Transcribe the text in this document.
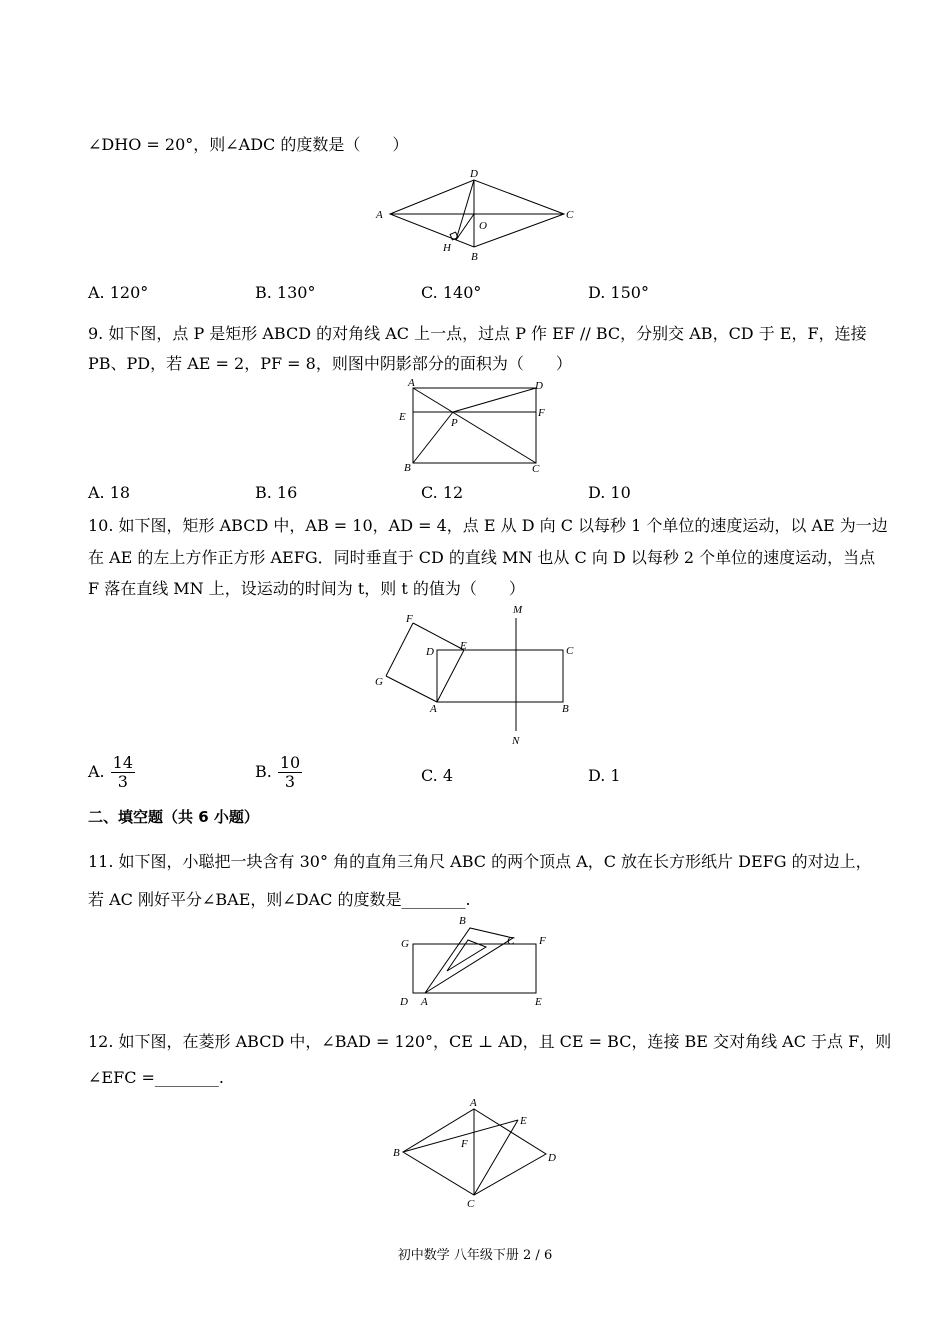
∠DHO = 20°，则∠ADC 的度数是（　　）
A
D
C
B
H
O
A. 120°	B. 130°	C. 140°	D. 150°
9. 如下图，点 P 是矩形 ABCD 的对角线 AC 上一点，过点 P 作 EF // BC，分别交 AB，CD 于 E，F，连接
PB、PD，若 AE = 2，PF = 8，则图中阴影部分的面积为（　　）
A	D
E	F
P
B	C
A. 18	B. 16	C. 12	D. 10
10. 如下图，矩形 ABCD 中，AB = 10，AD = 4，点 E 从 D 向 C 以每秒 1 个单位的速度运动，以 AE 为一边
在 AE 的左上方作正方形 AEFG．同时垂直于 CD 的直线 MN 也从 C 向 D 以每秒 2 个单位的速度运动，当点
F 落在直线 MN 上，设运动的时间为 t，则 t 的值为（　　）
F
E
D	C
G
A	B
M
N
A. $\frac{14}{3}$	B. $\frac{10}{3}$	C. 4	D. 1
二、填空题（共 6 小题）
11. 如下图，小聪把一块含有 30° 角的直角三角尺 ABC 的两个顶点 A，C 放在长方形纸片 DEFG 的对边上，
若 AC 刚好平分∠BAE，则∠DAC 的度数是________.
B
C
G	F
D A	E
12. 如下图，在菱形 ABCD 中，∠BAD = 120°，CE ⊥ AD，且 CE = BC，连接 BE 交对角线 AC 于点 F，则
∠EFC =________.
A
E
F
B	D
C
初中数学 八年级下册 2 / 6
